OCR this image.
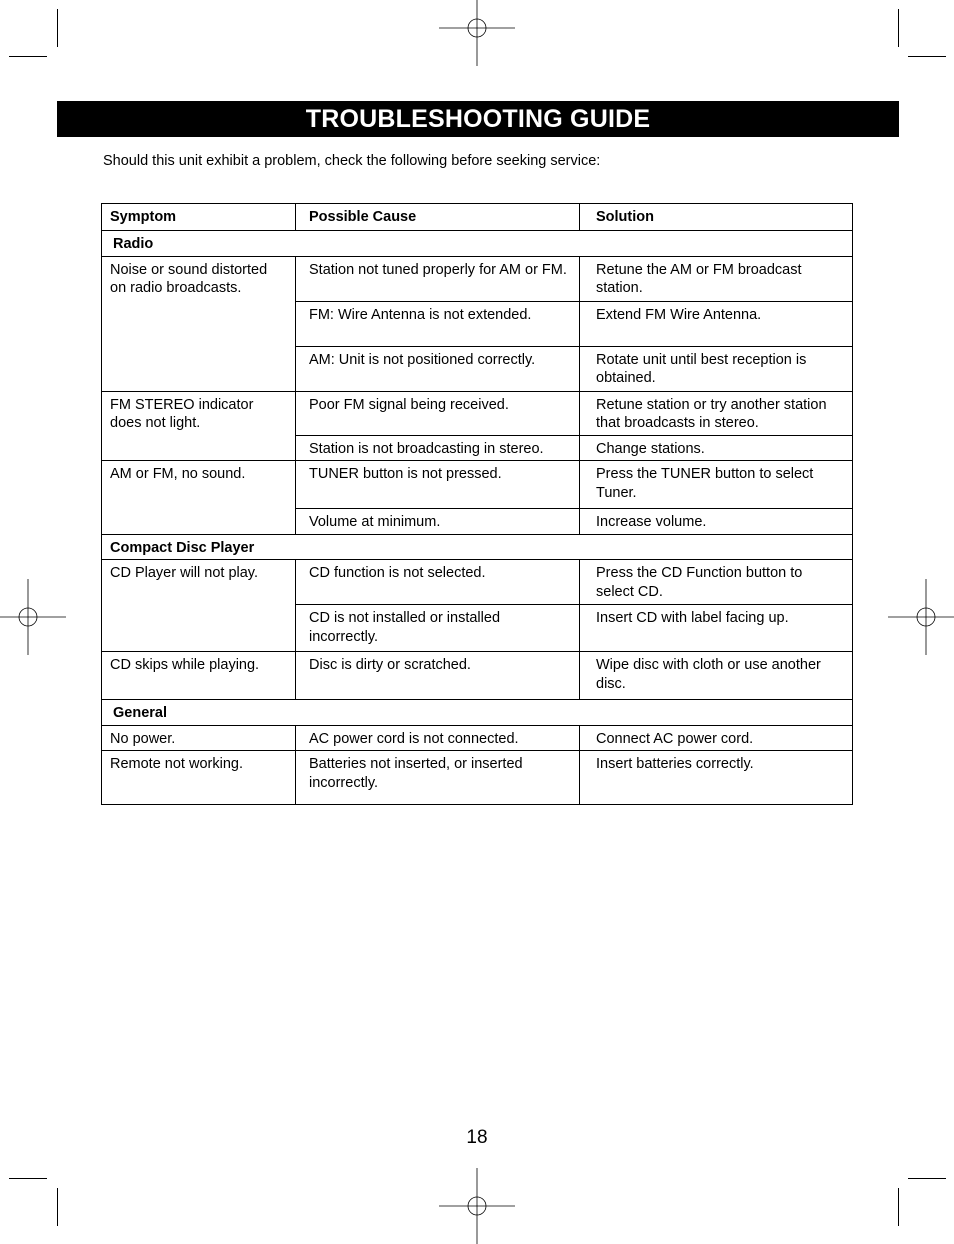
TROUBLESHOOTING GUIDE
Should this unit exhibit a problem, check the following before seeking service:
Symptom	Possible Cause	Solution
Radio		
Noise or sound distorted on radio broadcasts.	Station not tuned properly for AM or FM.	Retune the AM or FM broadcast station.
	FM: Wire Antenna is not extended.	Extend FM Wire Antenna.
	AM: Unit is not positioned correctly.	Rotate unit until best reception is obtained.
FM STEREO indicator does not light.	Poor FM signal being received.	Retune station or try another station that broadcasts in stereo.
	Station is not broadcasting in stereo.	Change stations.
AM or FM, no sound.	TUNER button is not pressed.	Press the TUNER button to select Tuner.
	Volume at minimum.	Increase volume.
Compact Disc Player		
CD Player will not play.	CD function is not selected.	Press the CD Function button to select CD.
	CD is not installed or installed incorrectly.	Insert CD with label facing up.
CD skips while playing.	Disc is dirty or scratched.	Wipe disc with cloth or use another disc.
General		
No power.	AC power cord is not connected.	Connect AC power cord.
Remote not working.	Batteries not inserted, or inserted incorrectly.	Insert batteries correctly.
18
